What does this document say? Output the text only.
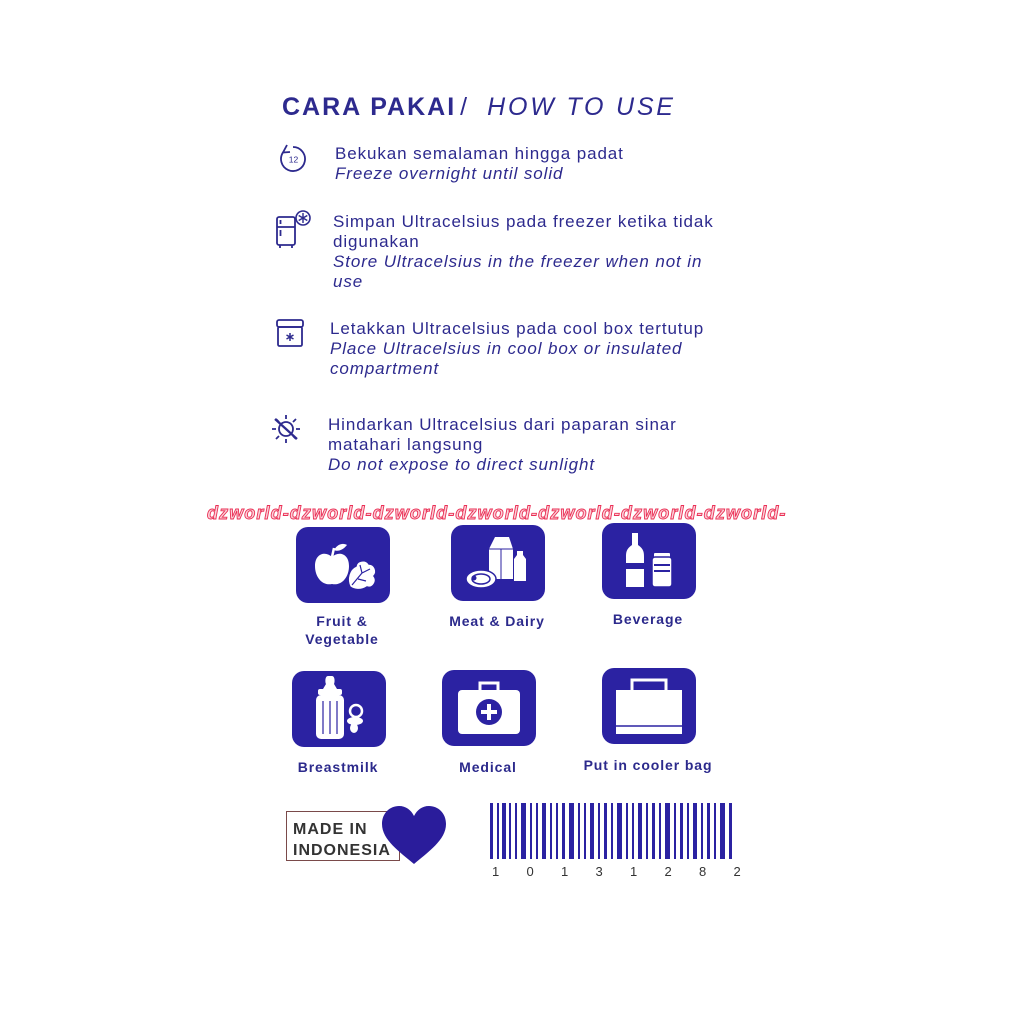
CARA PAKAI / HOW TO USE
12 Bekukan semalaman hingga padat
Freeze overnight until solid
Simpan Ultracelsius pada freezer ketika tidak
digunakan
Store Ultracelsius in the freezer when not in
use
Letakkan Ultracelsius pada cool box tertutup
Place Ultracelsius in cool box or insulated
compartment
Hindarkan Ultracelsius dari paparan sinar
matahari langsung
Do not expose to direct sunlight
dzworld-dzworld-dzworld-dzworld-dzworld-dzworld-dzworld-
Fruit &
Vegetable
Meat & Dairy	Beverage
Breastmilk	Medical	Put in cooler bag
MADE IN
INDONESIA
1	0	1	3	1	2	8	2
